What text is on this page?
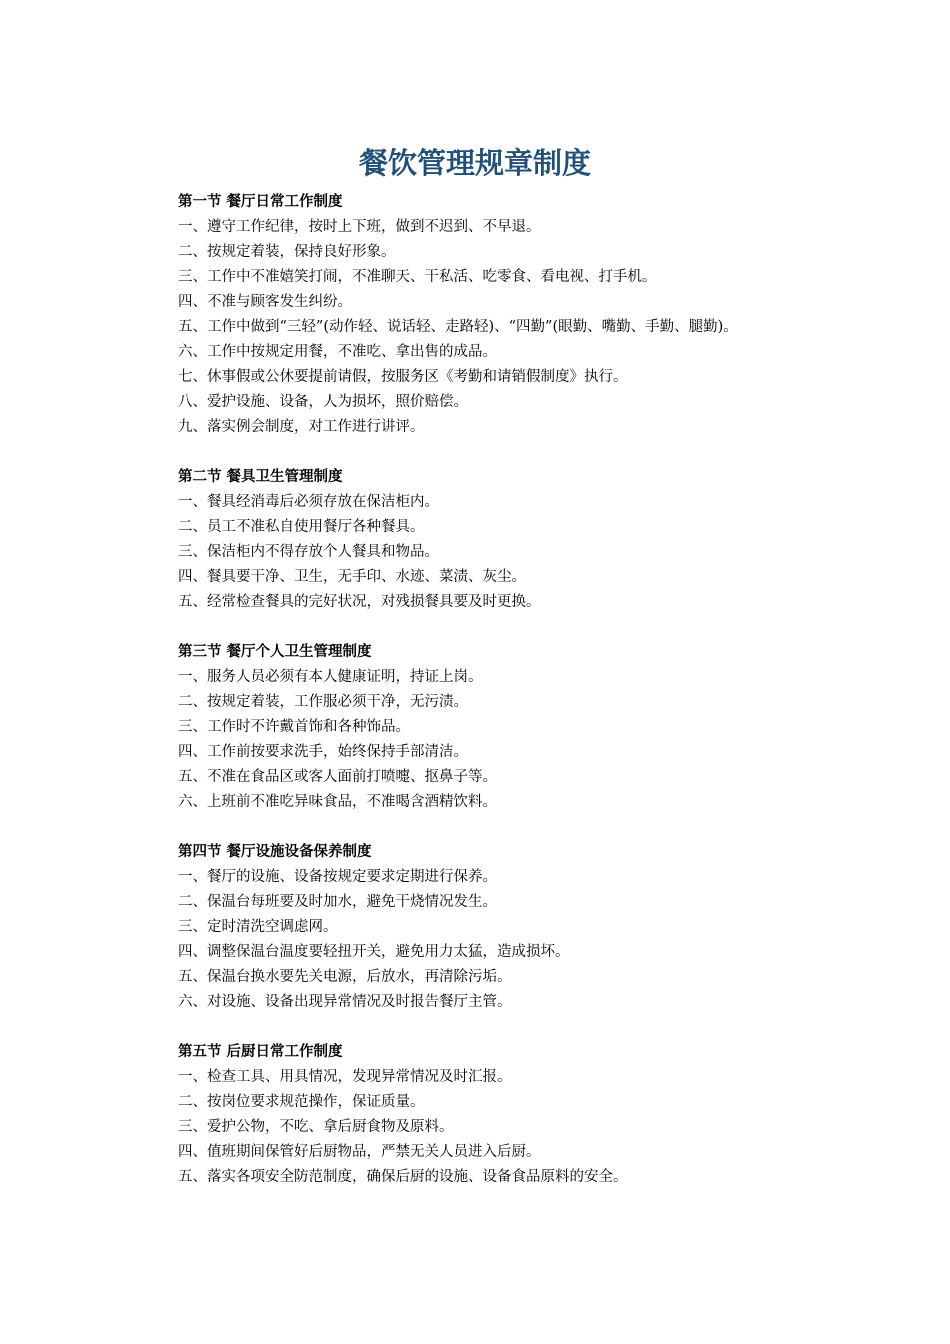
餐饮管理规章制度
第一节 餐厅日常工作制度

一、遵守工作纪律，按时上下班，做到不迟到、不早退。

二、按规定着装，保持良好形象。

三、工作中不准嬉笑打闹，不准聊天、干私活、吃零食、看电视、打手机。

四、不准与顾客发生纠纷。

五、工作中做到“三轻”(动作轻、说话轻、走路轻)、“四勤”(眼勤、嘴勤、手勤、腿勤)。

六、工作中按规定用餐，不准吃、拿出售的成品。

七、休事假或公休要提前请假，按服务区《考勤和请销假制度》执行。

八、爱护设施、设备，人为损坏，照价赔偿。

九、落实例会制度，对工作进行讲评。

第二节 餐具卫生管理制度

一、餐具经消毒后必须存放在保洁柜内。

二、员工不准私自使用餐厅各种餐具。

三、保洁柜内不得存放个人餐具和物品。

四、餐具要干净、卫生，无手印、水迹、菜渍、灰尘。

五、经常检查餐具的完好状况，对残损餐具要及时更换。

第三节 餐厅个人卫生管理制度

一、服务人员必须有本人健康证明，持证上岗。

二、按规定着装，工作服必须干净，无污渍。

三、工作时不许戴首饰和各种饰品。

四、工作前按要求洗手，始终保持手部清洁。

五、不准在食品区或客人面前打喷嚏、抠鼻子等。

六、上班前不准吃异味食品，不准喝含酒精饮料。

第四节 餐厅设施设备保养制度

一、餐厅的设施、设备按规定要求定期进行保养。

二、保温台每班要及时加水，避免干烧情况发生。

三、定时清洗空调虑网。

四、调整保温台温度要轻扭开关，避免用力太猛，造成损坏。

五、保温台换水要先关电源，后放水，再清除污垢。

六、对设施、设备出现异常情况及时报告餐厅主管。

第五节 后厨日常工作制度

一、检查工具、用具情况，发现异常情况及时汇报。

二、按岗位要求规范操作，保证质量。

三、爱护公物，不吃、拿后厨食物及原料。

四、值班期间保管好后厨物品，严禁无关人员进入后厨。

五、落实各项安全防范制度，确保后厨的设施、设备食品原料的安全。
